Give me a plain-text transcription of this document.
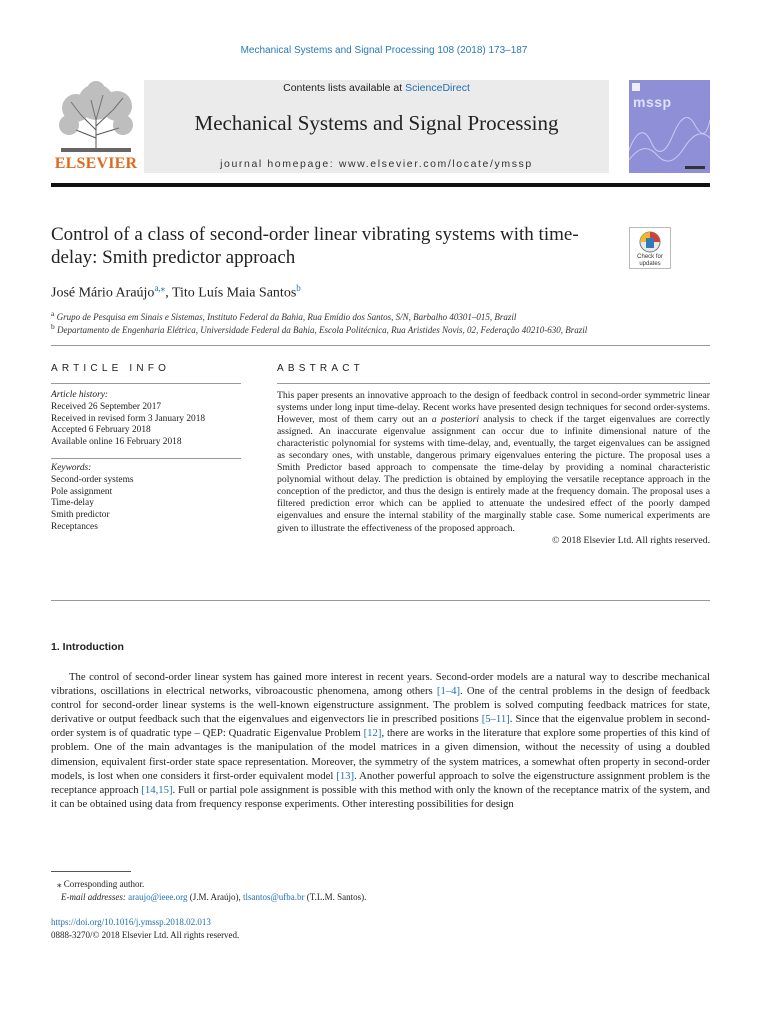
Mechanical Systems and Signal Processing 108 (2018) 173–187
ELSEVIER
Contents lists available at ScienceDirect
Mechanical Systems and Signal Processing
journal homepage: www.elsevier.com/locate/ymssp
mssp
Control of a class of second-order linear vibrating systems with time-delay: Smith predictor approach	Check for updates
José Mário Araújo$^{a,⁎}$, Tito Luís Maia Santos$^b$
$^a$ Grupo de Pesquisa em Sinais e Sistemas, Instituto Federal da Bahia, Rua Emídio dos Santos, S/N, Barbalho 40301–015, Brazil
$^b$ Departamento de Engenharia Elétrica, Universidade Federal da Bahia, Escola Politécnica, Rua Aristides Novis, 02, Federação 40210-630, Brazil
ARTICLE INFO	ABSTRACT
Article history:
Received 26 September 2017
Received in revised form 3 January 2018
Accepted 6 February 2018
Available online 16 February 2018
Keywords:
Second-order systems
Pole assignment
Time-delay
Smith predictor
Receptances
This paper presents an innovative approach to the design of feedback control in second-order symmetric linear systems under long input time-delay. Recent works have presented design techniques for second order-systems. However, most of them carry out an a posteriori analysis to check if the target eigenvalues are correctly assigned. An inaccurate eigenvalue assignment can occur due to infinite dimensional nature of the characteristic polynomial for systems with time-delay, and, eventually, the target eigenvalues can be assigned as secondary ones, with unstable, dangerous primary eigenvalues entering the picture. The proposal uses a Smith Predictor based approach to compensate the time-delay by providing a nominal characteristic polynomial without delay. The prediction is obtained by employing the versatile receptance approach in the conception of the predictor, and thus the design is entirely made at the frequency domain. The proposal uses a filtered prediction error which can be applied to attenuate the undesired effect of the poorly damped eigenvalues and ensure the internal stability of the marginally stable case. Some numerical experiments are given to illustrate the effectiveness of the proposed approach.
© 2018 Elsevier Ltd. All rights reserved.
1. Introduction
The control of second-order linear system has gained more interest in recent years. Second-order models are a natural way to describe mechanical vibrations, oscillations in electrical networks, vibroacoustic phenomena, among others [1–4]. One of the central problems in the design of feedback control for second-order linear systems is the well-known eigenstructure assignment. The problem is solved computing feedback matrices for state, derivative or output feedback such that the eigenvalues and eigenvectors lie in prescribed positions [5–11]. Since that the eigenvalue problem in second-order system is of quadratic type – QEP: Quadratic Eigenvalue Problem [12], there are works in the literature that explore some properties of this kind of problem. One of the main advantages is the manipulation of the model matrices in a given dimension, without the necessity of using a doubled dimension, equivalent first-order state space representation. Moreover, the symmetry of the system matrices, a somewhat often property in second-order models, is lost when one considers it first-order equivalent model [13]. Another powerful approach to solve the eigenstructure assignment problem is the receptance approach [14,15]. Full or partial pole assignment is possible with this method with only the known of the receptance matrix of the system, and it can be obtained using data from frequency response experiments. Other interesting possibilities for design
⁎ Corresponding author.
E-mail addresses: araujo@ieee.org (J.M. Araújo), tlsantos@ufba.br (T.L.M. Santos).
https://doi.org/10.1016/j.ymssp.2018.02.013
0888-3270/© 2018 Elsevier Ltd. All rights reserved.
